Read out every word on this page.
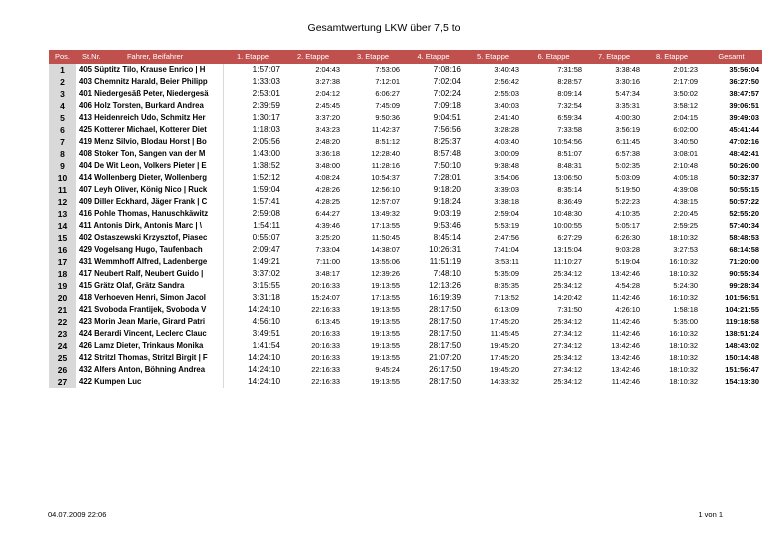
Gesamtwertung LKW über 7,5 to
Pos.	St.Nr. Fahrer, Beifahrer	1. Etappe	2. Etappe	3. Etappe	4. Etappe	5. Etappe	6. Etappe	7. Etappe	8. Etappe	Gesamt
1	405 Süptitz Tilo, Krause Enrico | H	1:57:07	2:04:43	7:53:06	7:08:16	3:40:43	7:31:58	3:38:48	2:01:23	35:56:04
2	403 Chemnitz Harald, Beier Philipp	1:33:03	3:27:38	7:12:01	7:02:04	2:56:42	8:28:57	3:30:16	2:17:09	36:27:50
3	401 Niedergesäß Peter, Niedergesä	2:53:01	2:04:12	6:06:27	7:02:24	2:55:03	8:09:14	5:47:34	3:50:02	38:47:57
4	406 Holz Torsten, Burkard Andrea	2:39:59	2:45:45	7:45:09	7:09:18	3:40:03	7:32:54	3:35:31	3:58:12	39:06:51
5	413 Heidenreich Udo, Schmitz Her	1:30:17	3:37:20	9:50:36	9:04:51	2:41:40	6:59:34	4:00:30	2:04:15	39:49:03
6	425 Kotterer Michael, Kotterer Diet	1:18:03	3:43:23	11:42:37	7:56:56	3:28:28	7:33:58	3:56:19	6:02:00	45:41:44
7	419 Menz Silvio, Blodau Horst | Bo	2:05:56	2:48:20	8:51:12	8:25:37	4:03:40	10:54:56	6:11:45	3:40:50	47:02:16
8	408 Stoker Ton, Sangen van der M	1:43:00	3:36:18	12:28:40	8:57:48	3:00:09	8:51:07	6:57:38	3:08:01	48:42:41
9	404 De Wit Leon, Volkers Pieter | E	1:38:52	3:48:00	11:28:16	7:50:10	9:38:48	8:48:31	5:02:35	2:10:48	50:26:00
10	414 Wollenberg Dieter, Wollenberg	1:52:12	4:08:24	10:54:37	7:28:01	3:54:06	13:06:50	5:03:09	4:05:18	50:32:37
11	407 Leyh Oliver, König Nico | Ruck	1:59:04	4:28:26	12:56:10	9:18:20	3:39:03	8:35:14	5:19:50	4:39:08	50:55:15
12	409 Diller Eckhard, Jäger Frank | C	1:57:41	4:28:25	12:57:07	9:18:24	3:38:18	8:36:49	5:22:23	4:38:15	50:57:22
13	416 Pohle Thomas, Hanuschkäwitz	2:59:08	6:44:27	13:49:32	9:03:19	2:59:04	10:48:30	4:10:35	2:20:45	52:55:20
14	411 Antonis Dirk, Antonis Marc | \	1:54:11	4:39:46	17:13:55	9:53:46	5:53:19	10:00:55	5:05:17	2:59:25	57:40:34
15	402 Ostaszewski Krzysztof, Piasec	0:55:07	3:25:20	11:50:45	8:45:14	2:47:56	6:27:29	6:26:30	18:10:32	58:48:53
16	429 Vogelsang Hugo, Taufenbach	2:09:47	7:33:04	14:38:07	10:26:31	7:41:04	13:15:04	9:03:28	3:27:53	68:14:58
17	431 Wemmhoff Alfred, Ladenberge	1:49:21	7:11:00	13:55:06	11:51:19	3:53:11	11:10:27	5:19:04	16:10:32	71:20:00
18	417 Neubert Ralf, Neubert Guido |	3:37:02	3:48:17	12:39:26	7:48:10	5:35:09	25:34:12	13:42:46	18:10:32	90:55:34
19	415 Grätz Olaf, Grätz Sandra	3:15:55	20:16:33	19:13:55	12:13:26	8:35:35	25:34:12	4:54:28	5:24:30	99:28:34
20	418 Verhoeven Henri, Simon Jacol	3:31:18	15:24:07	17:13:55	16:19:39	7:13:52	14:20:42	11:42:46	16:10:32	101:56:51
21	421 Svoboda Frantijek, Svoboda V	14:24:10	22:16:33	19:13:55	28:17:50	6:13:09	7:31:50	4:26:10	1:58:18	104:21:55
22	423 Morin Jean Marie, Girard Patri	4:56:10	6:13:45	19:13:55	28:17:50	17:45:20	25:34:12	11:42:46	5:35:00	119:18:58
23	424 Berardi Vincent, Leclerc Clauc	3:49:51	20:16:33	19:13:55	28:17:50	11:45:45	27:34:12	11:42:46	16:10:32	138:51:24
24	426 Lamz Dieter, Trinkaus Monika	1:41:54	20:16:33	19:13:55	28:17:50	19:45:20	27:34:12	13:42:46	18:10:32	148:43:02
25	412 Stritzl Thomas, Stritzl Birgit | F	14:24:10	20:16:33	19:13:55	21:07:20	17:45:20	25:34:12	13:42:46	18:10:32	150:14:48
26	432 Alfers Anton, Böhning Andrea	14:24:10	22:16:33	9:45:24	26:17:50	19:45:20	27:34:12	13:42:46	18:10:32	151:56:47
27	422 Kumpen Luc	14:24:10	22:16:33	19:13:55	28:17:50	14:33:32	25:34:12	11:42:46	18:10:32	154:13:30
04.07.2009 22:06	1 von 1
